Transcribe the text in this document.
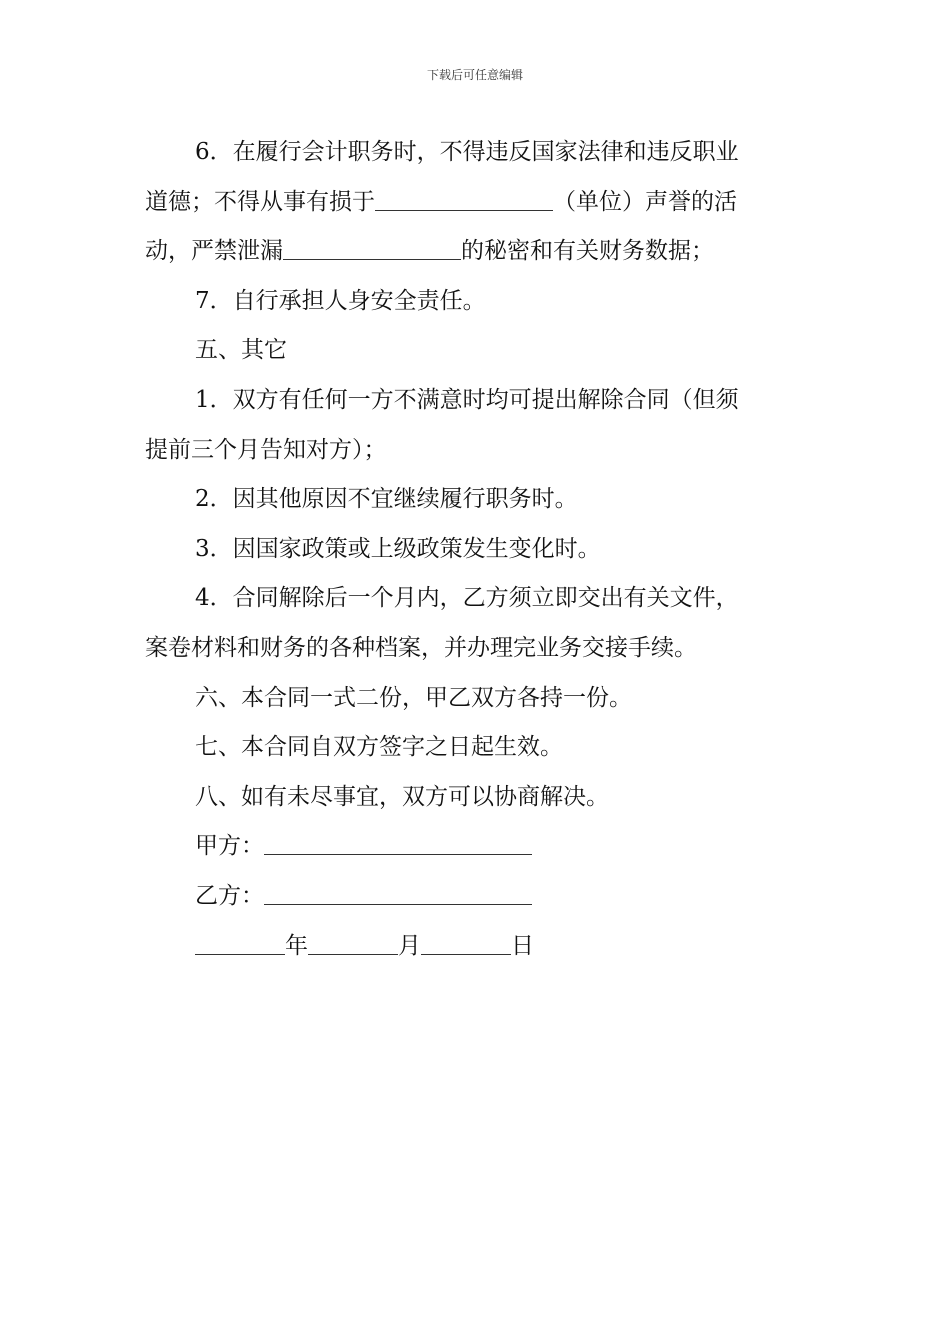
下载后可任意编辑
6．在履行会计职务时，不得违反国家法律和违反职业
道德；不得从事有损于	（单位）声誉的活
动，严禁泄漏	的秘密和有关财务数据；
7．自行承担人身安全责任。
五、其它
1．双方有任何一方不满意时均可提出解除合同（但须
提前三个月告知对方）；
2．因其他原因不宜继续履行职务时。
3．因国家政策或上级政策发生变化时。
4．合同解除后一个月内，乙方须立即交出有关文件，
案卷材料和财务的各种档案，并办理完业务交接手续。
六、本合同一式二份，甲乙双方各持一份。
七、本合同自双方签字之日起生效。
八、如有未尽事宜，双方可以协商解决。
甲方：
乙方：
年	月	日
